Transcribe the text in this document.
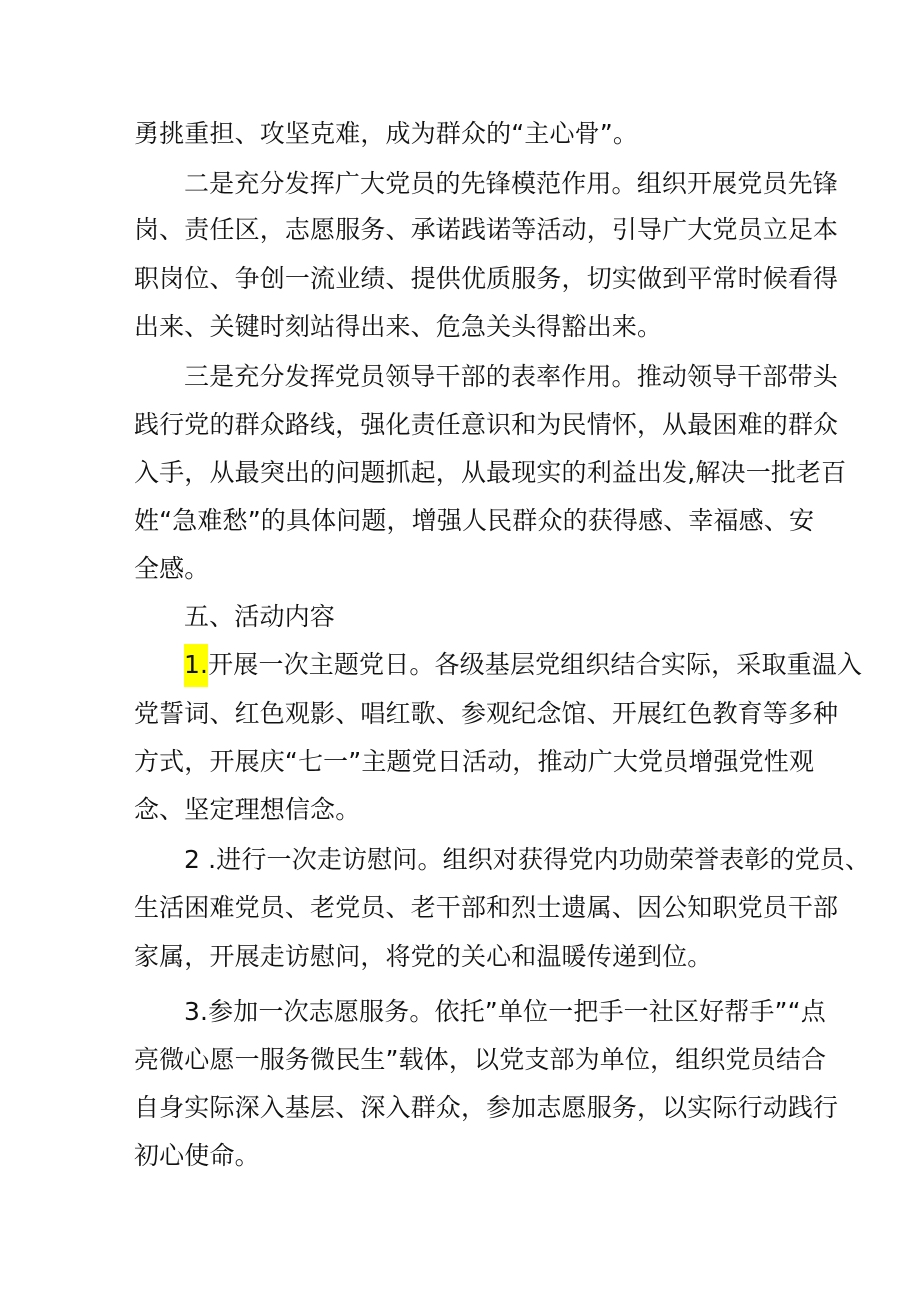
勇挑重担、攻坚克难，成为群众的“主心骨”。

二是充分发挥广大党员的先锋模范作用。组织开展党员先锋

岗、责任区，志愿服务、承诺践诺等活动，引导广大党员立足本

职岗位、争创一流业绩、提供优质服务，切实做到平常时候看得

出来、关键时刻站得出来、危急关头得豁出来。

三是充分发挥党员领导干部的表率作用。推动领导干部带头

践行党的群众路线，强化责任意识和为民情怀，从最困难的群众

入手，从最突出的问题抓起，从最现实的利益出发,解决一批老百

姓“急难愁”的具体问题，增强人民群众的获得感、幸福感、安

全感。

五、活动内容

1.开展一次主题党日。各级基层党组织结合实际，采取重温入

党誓词、红色观影、唱红歌、参观纪念馆、开展红色教育等多种

方式，开展庆“七一”主题党日活动，推动广大党员增强党性观

念、坚定理想信念。

2 .进行一次走访慰问。组织对获得党内功勋荣誉表彰的党员、

生活困难党员、老党员、老干部和烈士遗属、因公知职党员干部

家属，开展走访慰问，将党的关心和温暖传递到位。

3.参加一次志愿服务。依托”单位一把手一社区好帮手”“点

亮微心愿一服务微民生”载体，以党支部为单位，组织党员结合

自身实际深入基层、深入群众，参加志愿服务，以实际行动践行

初心使命。
